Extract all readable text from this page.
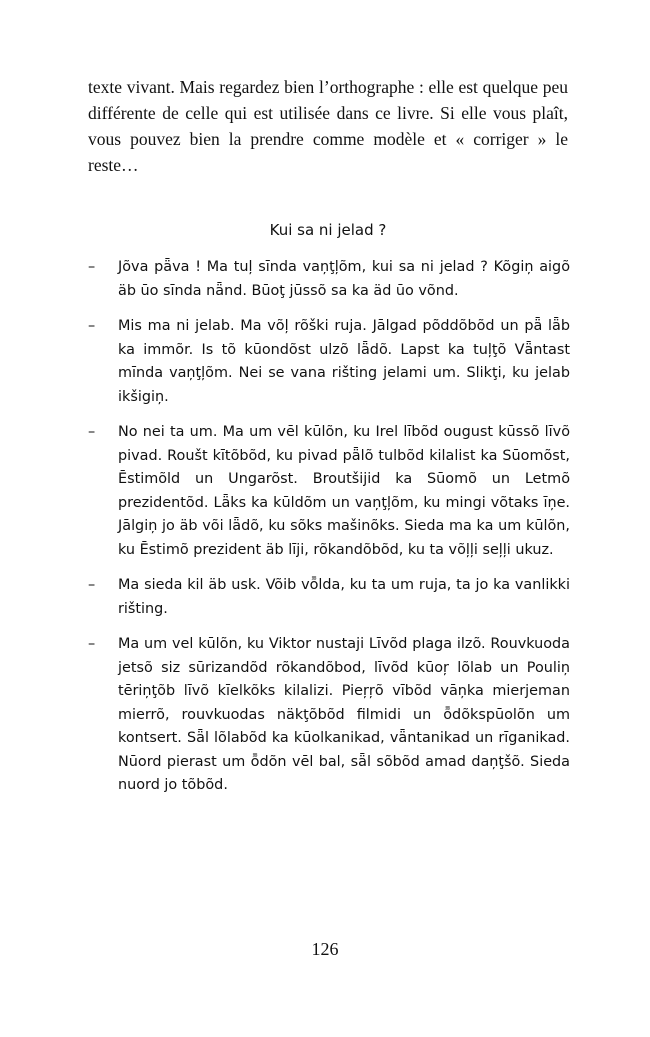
texte vivant. Mais regardez bien l’orthographe : elle est quelque peu différente de celle qui est utilisée dans ce livre. Si elle vous plaît, vous pouvez bien la prendre comme modèle et « corriger » le reste…

Kui sa ni jelad ?

–	Jõva pǟva ! Ma tuļ sīnda vaņţļõm, kui sa ni jelad ? Kõgiņ aigõ äb ūo sīnda nǟnd. Būoţ jūssõ sa ka äd ūo võnd.
–	Mis ma ni jelab. Ma võļ rõški ruja. Jālgad põddõbõd un pǟ lǟb ka immõr. Is tõ kūondõst ulzõ lǟdõ. Lapst ka tuļţõ Vǟntast mīnda vaņţļõm. Nei se vana rišting jelami um. Slikţi, ku jelab ikšigiņ.
–	No nei ta um. Ma um vēl kūlõn, ku Irel lībõd ougust kūssõ līvõ pivad. Roušt kītõbõd, ku pivad pǟlõ tulbõd kilalist ka Sūomõst, Ēstimõld un Ungarõst. Broutšijid ka Sūomõ un Letmõ prezidentõd. Lǟks ka kūldõm un vaņţļõm, ku mingi võtaks īņe. Jālgiņ jo äb või lǟdõ, ku sõks mašinõks. Sieda ma ka um kūlõn, ku Ēstimõ prezident äb līji, rõkandõbõd, ku ta võļļi seļļi ukuz.
–	Ma sieda kil äb usk. Võib vȭlda, ku ta um ruja, ta jo ka vanlikki rišting.
–	Ma um vel kūlõn, ku Viktor nustaji Līvõd plaga ilzõ. Rouvkuoda jetsõ siz sūrizandõd rõkandõbod, līvõd kūoŗ lõlab un Pouliņ tēriņţõb līvõ kīelkõks kilalizi. Pieŗŗõ vībõd vāņka mierjeman mierrõ, rouvkuodas näkţõbõd filmidi un ȭdõkspūolõn um kontsert. Sǟl lõlabõd ka kūolkanikad, vǟntanikad un rīganikad. Nūord pierast um ȭdõn vēl bal, sǟl sõbõd amad daņţšõ. Sieda nuord jo tõbõd.

126
